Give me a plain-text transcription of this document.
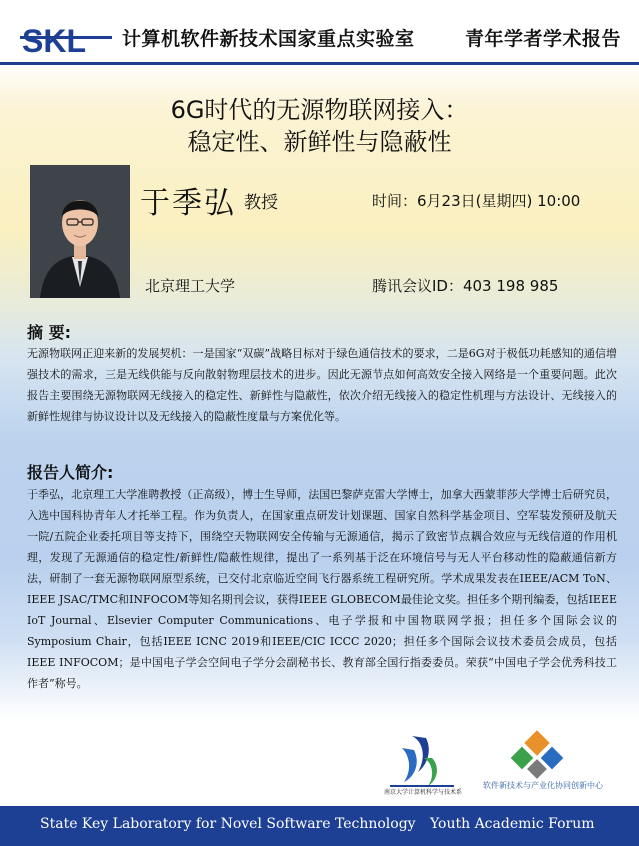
SKL 计算机软件新技术国家重点实验室	青年学者学术报告
6G时代的无源物联网接入：
稳定性、新鲜性与隐蔽性
于季弘 教授	时间：6月23日(星期四) 10:00
北京理工大学	腾讯会议ID：403 198 985
摘 要:
无源物联网正迎来新的发展契机：一是国家“双碳”战略目标对于绿色通信技术的要求，二是6G对于极低功耗感知的通信增强技术的需求，三是无线供能与反向散射物理层技术的进步。因此无源节点如何高效安全接入网络是一个重要问题。此次报告主要围绕无源物联网无线接入的稳定性、新鲜性与隐蔽性，依次介绍无线接入的稳定性机理与方法设计、无线接入的新鲜性规律与协议设计以及无线接入的隐蔽性度量与方案优化等。
报告人简介:
于季弘，北京理工大学准聘教授（正高级），博士生导师，法国巴黎萨克雷大学博士，加拿大西蒙菲莎大学博士后研究员，入选中国科协青年人才托举工程。作为负责人，在国家重点研发计划课题、国家自然科学基金项目、空军装发预研及航天一院/五院企业委托项目等支持下，围绕空天物联网安全传输与无源通信，揭示了致密节点耦合效应与无线信道的作用机理，发现了无源通信的稳定性/新鲜性/隐蔽性规律，提出了一系列基于泛在环境信号与无人平台移动性的隐蔽通信新方法，研制了一套无源物联网原型系统，已交付北京临近空间飞行器系统工程研究所。学术成果发表在IEEE/ACM ToN、IEEE JSAC/TMC和INFOCOM等知名期刊会议，获得IEEE GLOBECOM最佳论文奖。担任多个期刊编委，包括IEEE IoT Journal、Elsevier Computer Communications、电子学报和中国物联网学报；担任多个国际会议的Symposium Chair，包括IEEE ICNC 2019和IEEE/CIC ICCC 2020；担任多个国际会议技术委员会成员，包括IEEE INFOCOM；是中国电子学会空间电子学分会副秘书长、教育部全国行指委委员。荣获“中国电子学会优秀科技工作者”称号。
南京大学计算机科学与技术系
软件新技术与产业化协同创新中心
State Key Laboratory for Novel Software Technology Youth Academic Forum
